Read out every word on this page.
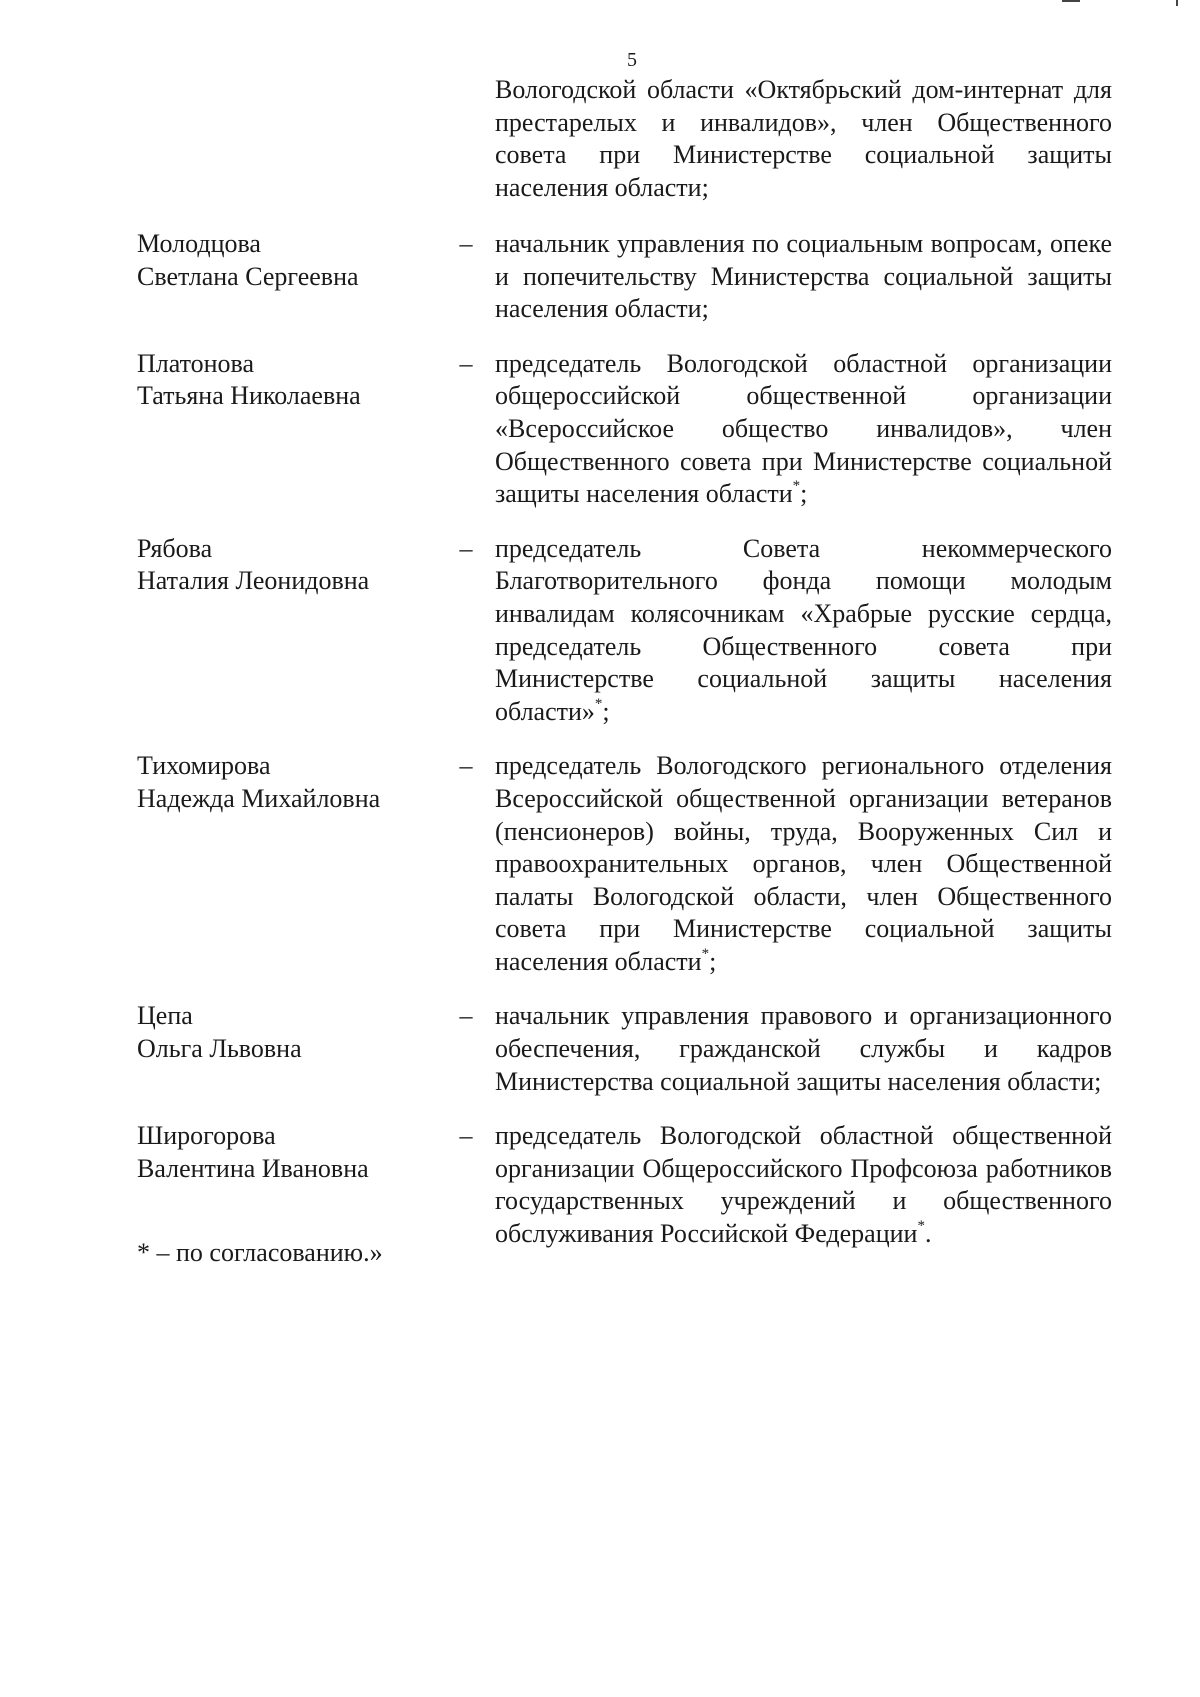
5
Вологодской области «Октябрьский дом-интернат для престарелых и инвалидов», член Общественного совета при Министерстве социальной защиты населения области;
Молодцова
Светлана Сергеевна
– начальник управления по социальным вопросам, опеке и попечительству Министерства социальной защиты населения области;
Платонова
Татьяна Николаевна
– председатель Вологодской областной организации общероссийской общественной организации «Всероссийское общество инвалидов», член Общественного совета при Министерстве социальной защиты населения области*;
Рябова
Наталия Леонидовна
– председатель Совета некоммерческого Благотворительного фонда помощи молодым инвалидам колясочникам «Храбрые русские сердца, председатель Общественного совета при Министерстве социальной защиты населения области»*;
Тихомирова
Надежда Михайловна
– председатель Вологодского регионального отделения Всероссийской общественной организации ветеранов (пенсионеров) войны, труда, Вооруженных Сил и правоохранительных органов, член Общественной палаты Вологодской области, член Общественного совета при Министерстве социальной защиты населения области*;
Цепа
Ольга Львовна
– начальник управления правового и организационного обеспечения, гражданской службы и кадров Министерства социальной защиты населения области;
Широгорова
Валентина Ивановна
– председатель Вологодской областной общественной организации Общероссийского Профсоюза работников государственных учреждений и общественного обслуживания Российской Федерации*.
* – по согласованию.»
